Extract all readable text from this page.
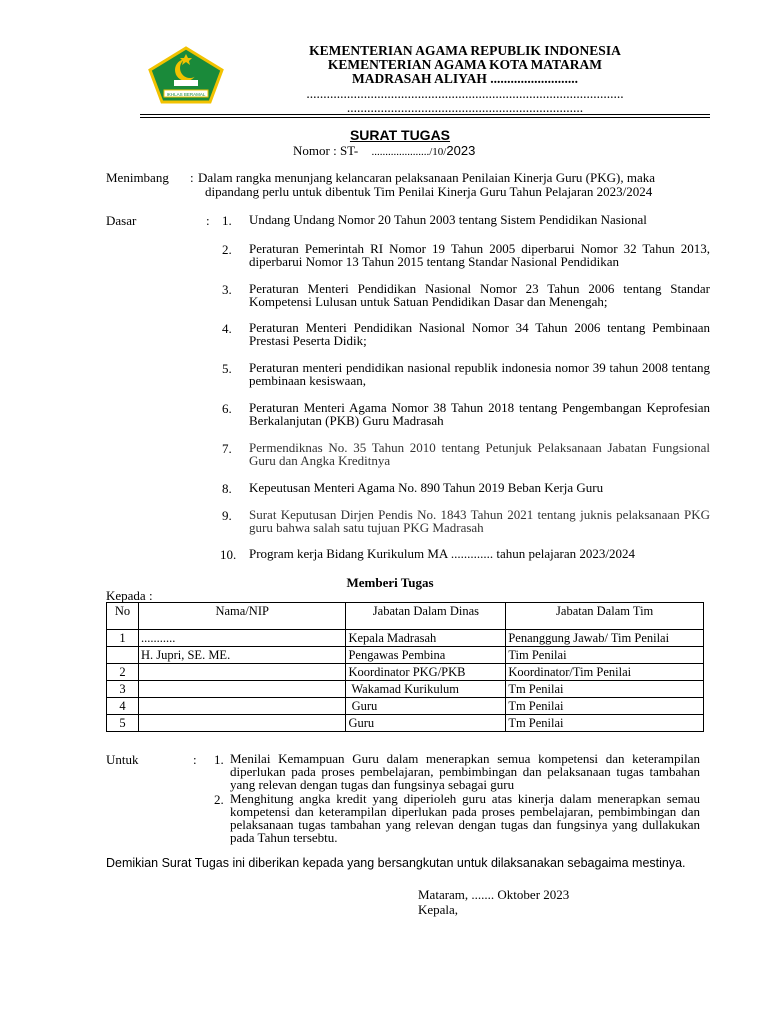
IKHLAS BERAMAL
KEMENTERIAN AGAMA REPUBLIK INDONESIA
KEMENTERIAN AGAMA KOTA MATARAM
MADRASAH ALIYAH ..........................
..............................................................................................
......................................................................
SURAT TUGAS
Nomor : ST- ...................../10/2023
Menimbang : Dalam rangka menunjang kelancaran pelaksanaan Penilaian Kinerja Guru (PKG), maka
dipandang perlu untuk dibentuk Tim Penilai Kinerja Guru Tahun Pelajaran 2023/2024
Dasar	: 1.	Undang Undang Nomor 20 Tahun 2003 tentang Sistem Pendidikan Nasional
2.	Peraturan Pemerintah RI Nomor 19 Tahun 2005 diperbarui Nomor 32 Tahun 2013, diperbarui Nomor 13 Tahun 2015 tentang Standar Nasional Pendidikan
3.	Peraturan Menteri Pendidikan Nasional Nomor 23 Tahun 2006 tentang Standar Kompetensi Lulusan untuk Satuan Pendidikan Dasar dan Menengah;
4.	Peraturan Menteri Pendidikan Nasional Nomor 34 Tahun 2006 tentang Pembinaan Prestasi Peserta Didik;
5.	Peraturan menteri pendidikan nasional republik indonesia nomor 39 tahun 2008 tentang pembinaan kesiswaan,
6.	Peraturan Menteri Agama Nomor 38 Tahun 2018 tentang Pengembangan Keprofesian Berkalanjutan (PKB) Guru Madrasah
7.	Permendiknas No. 35 Tahun 2010 tentang Petunjuk Pelaksanaan Jabatan Fungsional Guru dan Angka Kreditnya
8.	Kepeutusan Menteri Agama No. 890 Tahun 2019 Beban Kerja Guru
9.	Surat Keputusan Dirjen Pendis No. 1843 Tahun 2021 tentang juknis pelaksanaan PKG guru bahwa salah satu tujuan PKG Madrasah
10. Program kerja Bidang Kurikulum MA ............. tahun pelajaran 2023/2024
Memberi Tugas
Kepada :
No	Nama/NIP	Jabatan Dalam Dinas	Jabatan Dalam Tim
1	...........	Kepala Madrasah	Penanggung Jawab/ Tim Penilai
	H. Jupri, SE. ME.	Pengawas Pembina	Tim Penilai
2		Koordinator PKG/PKB	Koordinator/Tim Penilai
3		Wakamad Kurikulum	Tm Penilai
4		Guru	Tm Penilai
5		Guru	Tm Penilai
Untuk	: 1. Menilai Kemampuan Guru dalam menerapkan semua kompetensi dan keterampilan diperlukan pada proses pembelajaran, pembimbingan dan pelaksanaan tugas tambahan yang relevan dengan tugas dan fungsinya sebagai guru
2. Menghitung angka kredit yang diperioleh guru atas kinerja dalam menerapkan semau kompetensi dan keterampilan diperlukan pada proses pembelajaran, pembimbingan dan pelaksanaan tugas tambahan yang relevan dengan tugas dan fungsinya yang dullakukan pada Tahun tersebtu.
Demikian Surat Tugas ini diberikan kepada yang bersangkutan untuk dilaksanakan sebagaima mestinya.
Mataram, ....... Oktober 2023
Kepala,
